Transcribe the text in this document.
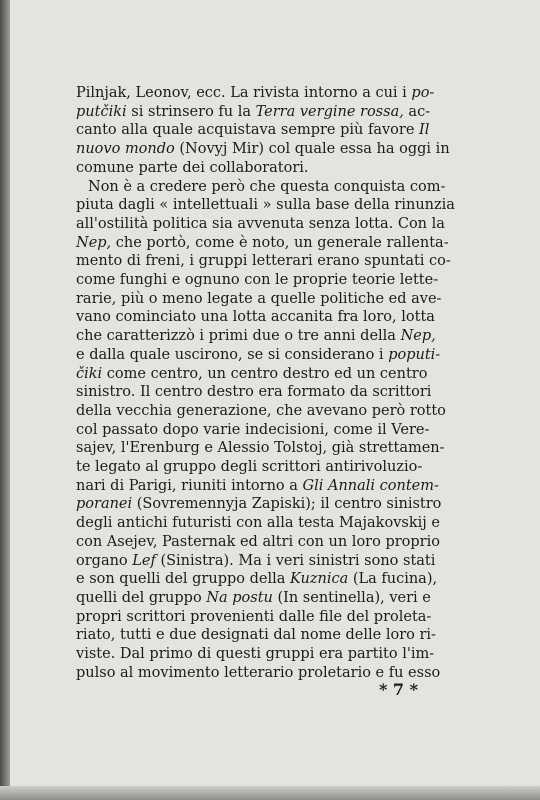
Pilnjak, Leonov, ecc. La rivista intorno a cui i po-
putčiki si strinsero fu la Terra vergine rossa, ac-
canto alla quale acquistava sempre più favore Il
nuovo mondo (Novyj Mir) col quale essa ha oggi in
comune parte dei collaboratori.
Non è a credere però che questa conquista com-
piuta dagli « intellettuali » sulla base della rinunzia
all'ostilità politica sia avvenuta senza lotta. Con la
Nep, che portò, come è noto, un generale rallenta-
mento di freni, i gruppi letterari erano spuntati co-
come funghi e ognuno con le proprie teorie lette-
rarie, più o meno legate a quelle politiche ed ave-
vano cominciato una lotta accanita fra loro, lotta
che caratterizzò i primi due o tre anni della Nep,
e dalla quale uscirono, se si considerano i poputi-
čiki come centro, un centro destro ed un centro
sinistro. Il centro destro era formato da scrittori
della vecchia generazione, che avevano però rotto
col passato dopo varie indecisioni, come il Vere-
sajev, l'Erenburg e Alessio Tolstoj, già strettamen-
te legato al gruppo degli scrittori antirivoluzio-
nari di Parigi, riuniti intorno a Gli Annali contem-
poranei (Sovremennyja Zapiski); il centro sinistro
degli antichi futuristi con alla testa Majakovskij e
con Asejev, Pasternak ed altri con un loro proprio
organo Lef (Sinistra). Ma i veri sinistri sono stati
e son quelli del gruppo della Kuznica (La fucina),
quelli del gruppo Na postu (In sentinella), veri e
propri scrittori provenienti dalle file del proleta-
riato, tutti e due designati dal nome delle loro ri-
viste. Dal primo di questi gruppi era partito l'im-
pulso al movimento letterario proletario e fu esso
* 7 *
